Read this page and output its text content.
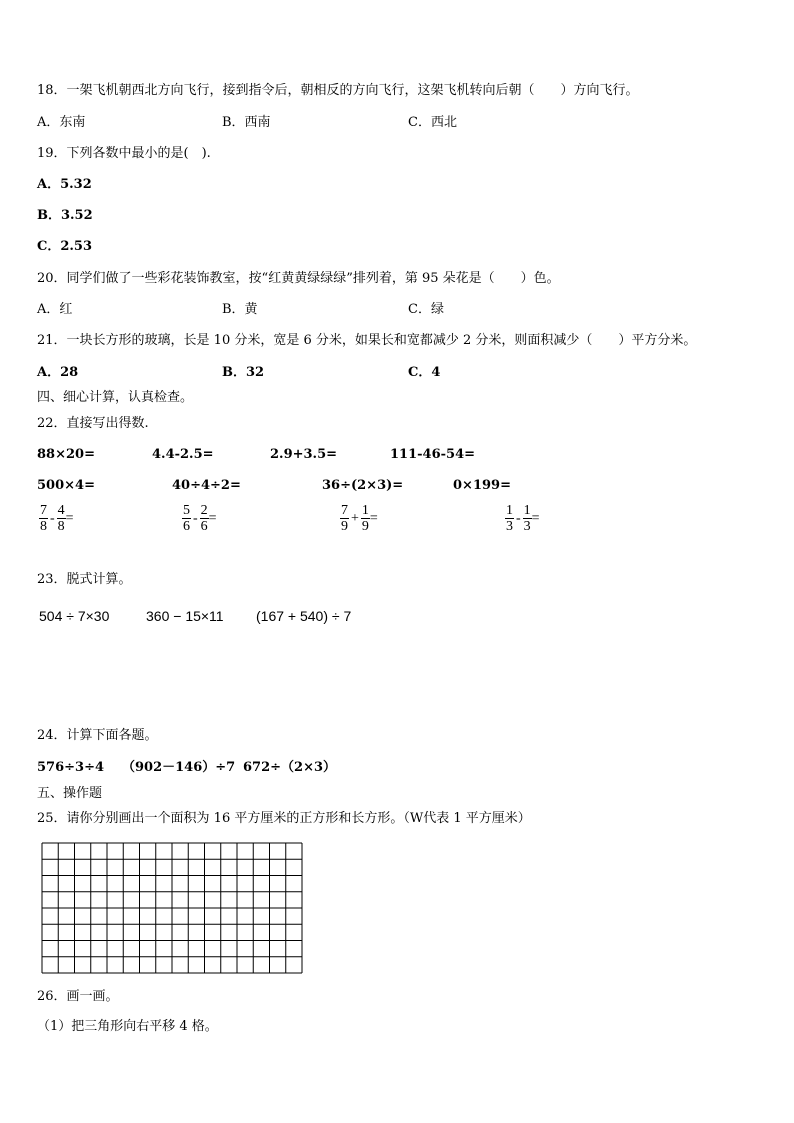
18．一架飞机朝西北方向飞行，接到指令后，朝相反的方向飞行，这架飞机转向后朝（　　）方向飞行。
A．东南	B．西南	C．西北
19．下列各数中最小的是(　).
A．5.32
B．3.52
C．2.53
20．同学们做了一些彩花装饰教室，按“红黄黄绿绿绿”排列着，第 95 朵花是（　　）色。
A．红	B．黄	C．绿
21．一块长方形的玻璃，长是 10 分米，宽是 6 分米，如果长和宽都减少 2 分米，则面积减少（　　）平方分米。
A．28	B．32	C．4
四、细心计算，认真检查。
22．直接写出得数.
88×20=	4.4-2.5=	2.9+3.5=	111-46-54=
500×4=	40÷4÷2=	36÷(2×3)=	0×199=
$\frac{7}{8} - \frac{4}{8}$ =	$\frac{5}{6} - \frac{2}{6}$ =	$\frac{7}{9} + \frac{1}{9}$ =	$\frac{1}{3} - \frac{1}{3}$ =
23．脱式计算。
504 ÷ 7×30	360 − 15×11 (167 + 540) ÷ 7
24．计算下面各题。
576÷3÷4 （902－146）÷7 672÷（2×3）
五、操作题
25．请你分别画出一个面积为 16 平方厘米的正方形和长方形。（W代表 1 平方厘米）
26．画一画。
（1）把三角形向右平移 4 格。
